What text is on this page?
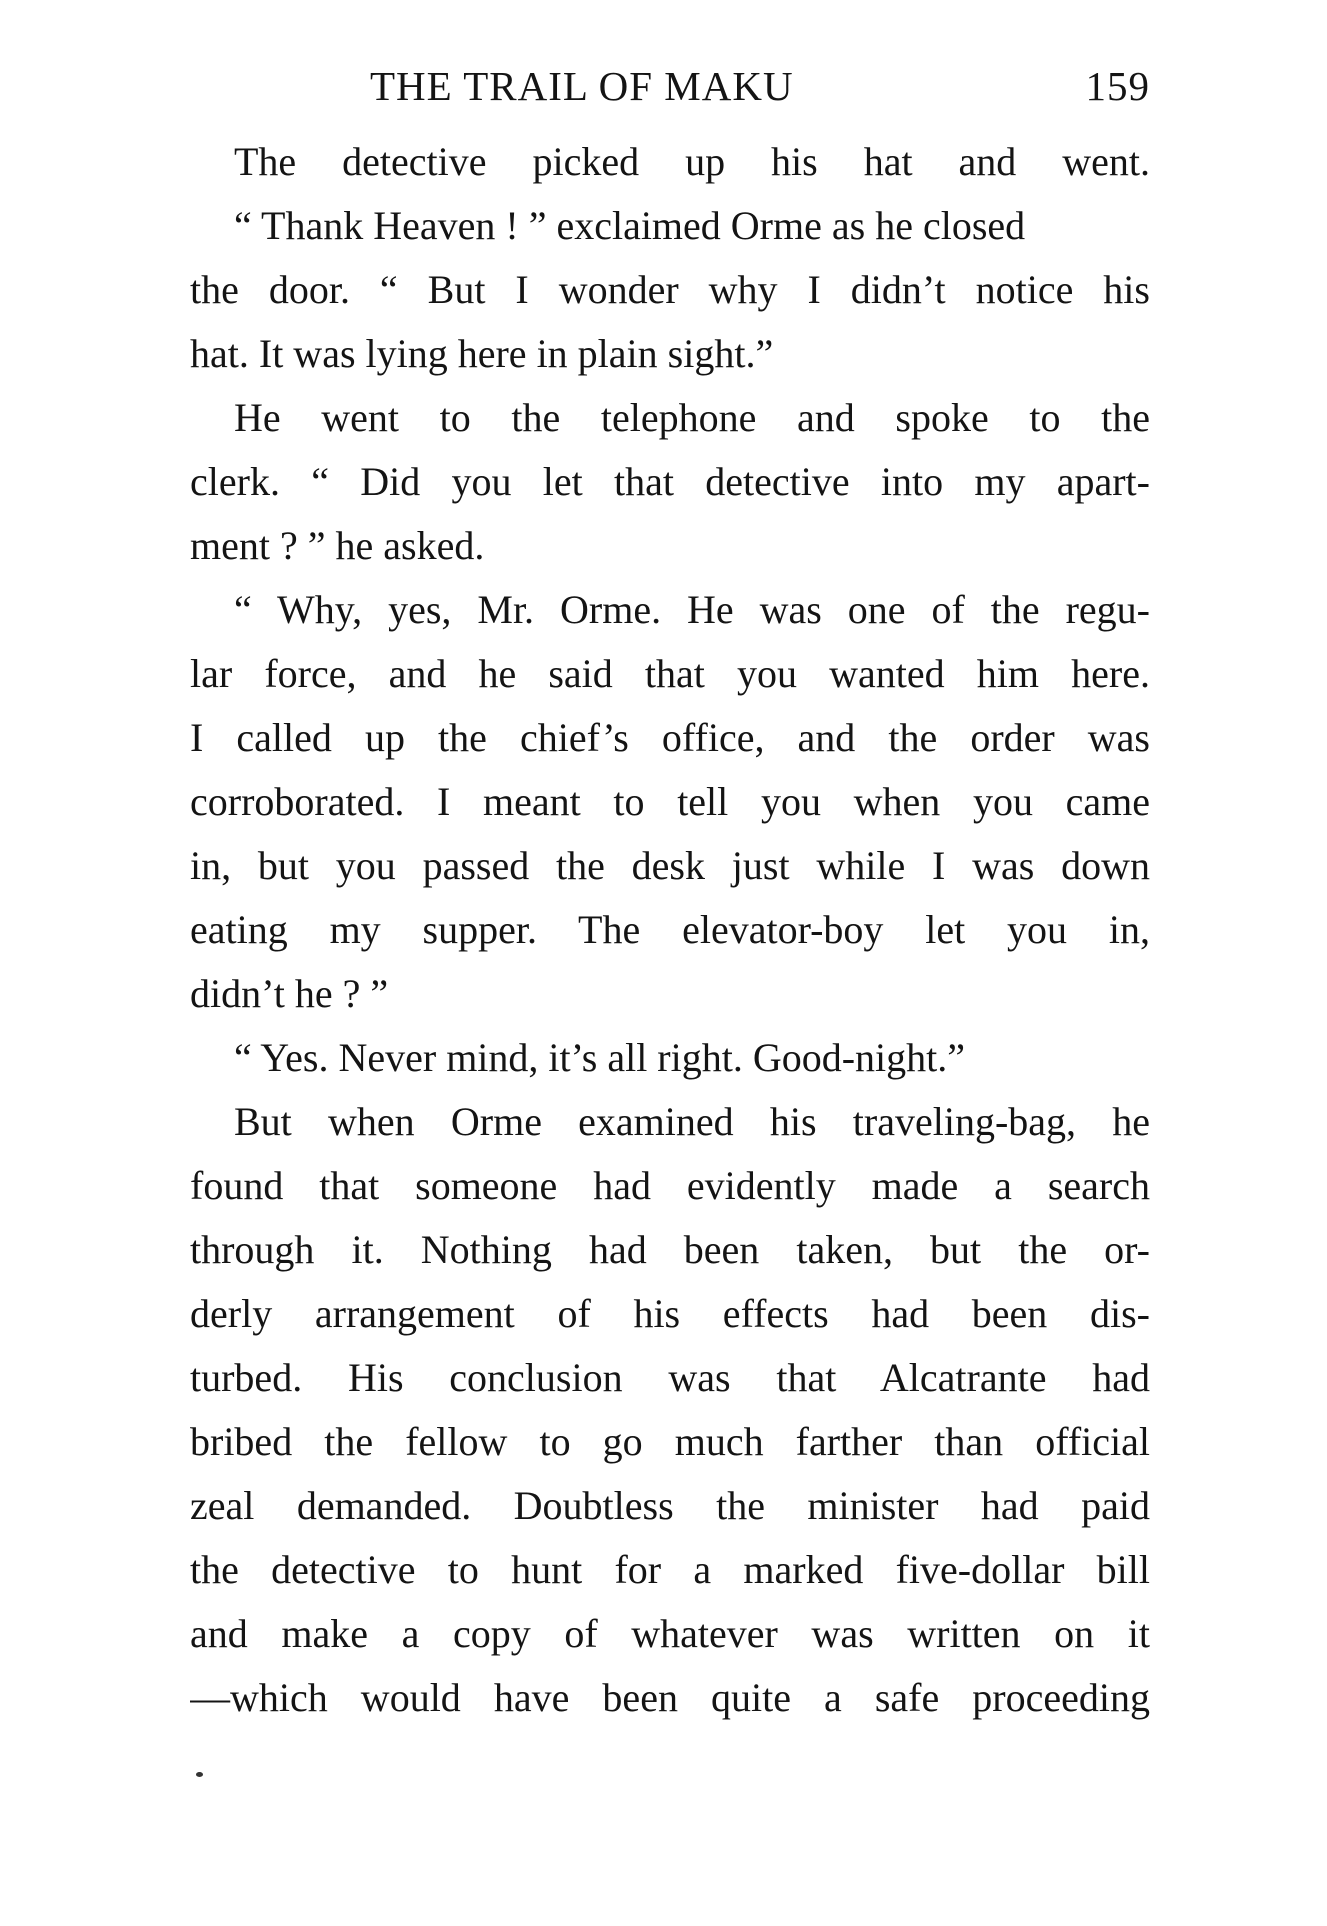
THE TRAIL OF MAKU	159
The detective picked up his hat and went.
“ Thank Heaven ! ” exclaimed Orme as he closed
the door. “ But I wonder why I didn’t notice his
hat. It was lying here in plain sight.”
He went to the telephone and spoke to the
clerk. “ Did you let that detective into my apart-
ment ? ” he asked.
“ Why, yes, Mr. Orme. He was one of the regu-
lar force, and he said that you wanted him here.
I called up the chief’s office, and the order was
corroborated. I meant to tell you when you came
in, but you passed the desk just while I was down
eating my supper. The elevator-boy let you in,
didn’t he ? ”
“ Yes. Never mind, it’s all right. Good-night.”
But when Orme examined his traveling-bag, he
found that someone had evidently made a search
through it. Nothing had been taken, but the or-
derly arrangement of his effects had been dis-
turbed. His conclusion was that Alcatrante had
bribed the fellow to go much farther than official
zeal demanded. Doubtless the minister had paid
the detective to hunt for a marked five-dollar bill
and make a copy of whatever was written on it
—which would have been quite a safe proceeding
